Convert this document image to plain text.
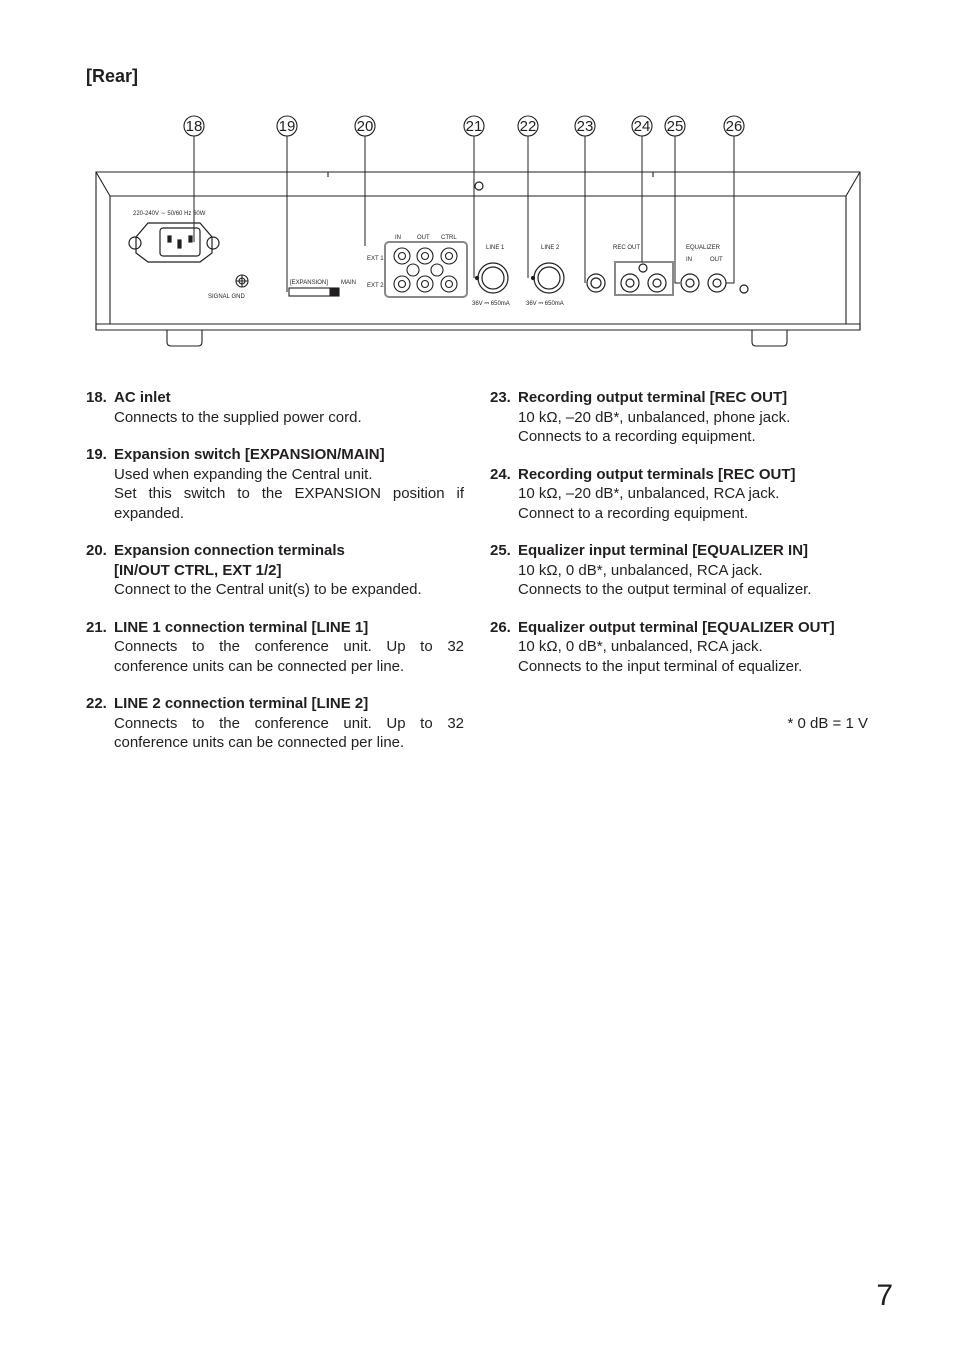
[Rear]
18	19	20	21 22	23	24 25	26
220-240V ∼ 50/60 Hz 60W
SIGNAL GND
[EXPANSION] MAIN
IN	OUT CTRL
EXT 1
EXT 2
LINE 1	LINE 2
36V ⎓ 650mA	36V ⎓ 650mA
REC OUT	EQUALIZER
IN	OUT
18. AC inlet
Connects to the supplied power cord.
19. Expansion switch [EXPANSION/MAIN]
Used when expanding the Central unit.
Set this switch to the EXPANSION position if expanded.
20. Expansion connection terminals
[IN/OUT CTRL, EXT 1/2]
Connect to the Central unit(s) to be expanded.
21. LINE 1 connection terminal [LINE 1]
Connects to the conference unit. Up to 32 conference units can be connected per line.
22. LINE 2 connection terminal [LINE 2]
Connects to the conference unit. Up to 32 conference units can be connected per line.
23. Recording output terminal [REC OUT]
10 kΩ, –20 dB*, unbalanced, phone jack.
Connects to a recording equipment.
24. Recording output terminals [REC OUT]
10 kΩ, –20 dB*, unbalanced, RCA jack.
Connect to a recording equipment.
25. Equalizer input terminal [EQUALIZER IN]
10 kΩ, 0 dB*, unbalanced, RCA jack.
Connects to the output terminal of equalizer.
26. Equalizer output terminal [EQUALIZER OUT]
10 kΩ, 0 dB*, unbalanced, RCA jack.
Connects to the input terminal of equalizer.
* 0 dB = 1 V
7
